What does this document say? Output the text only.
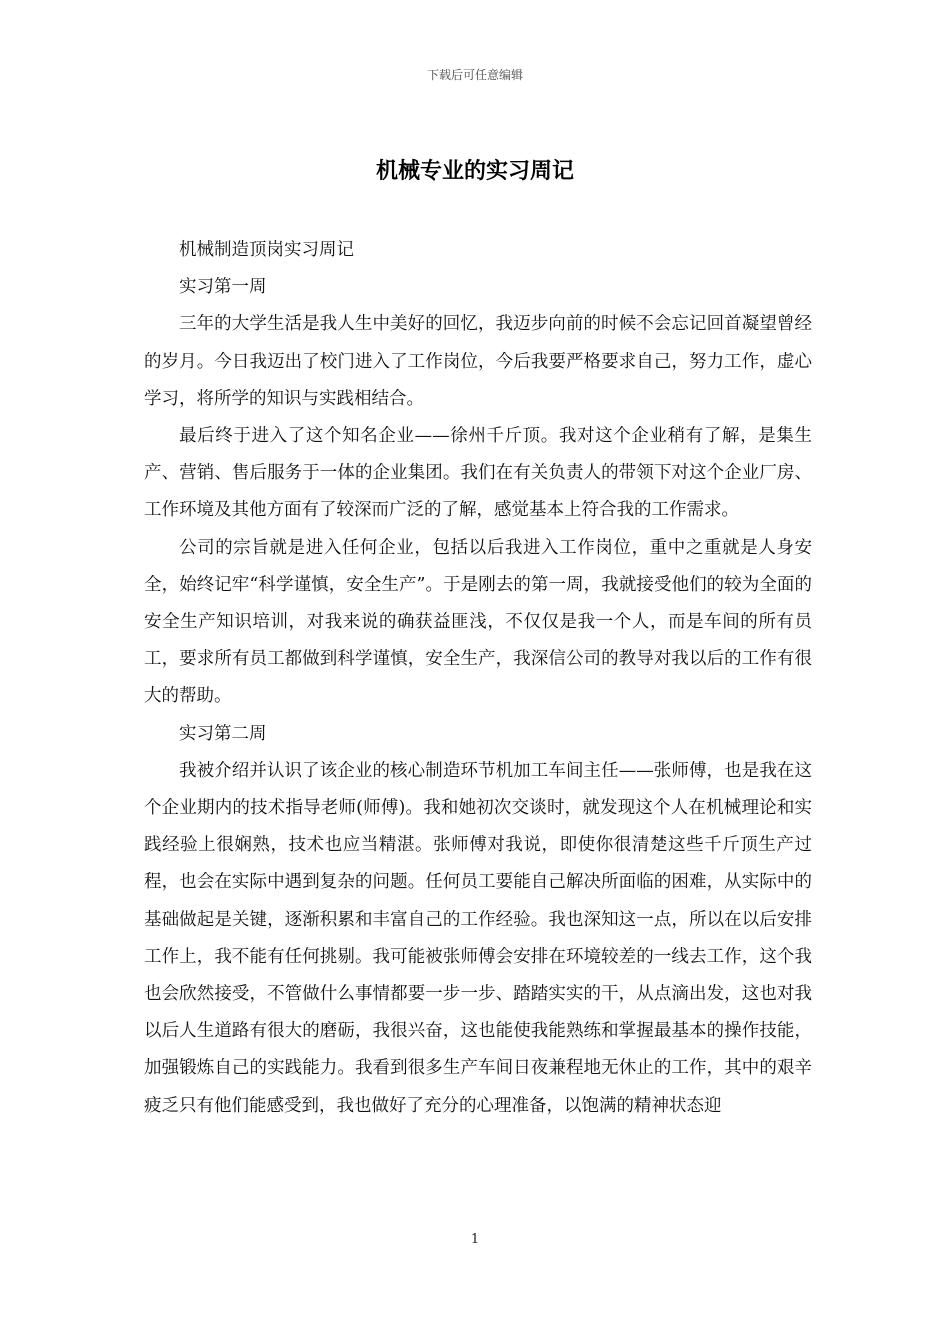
下载后可任意编辑
机械专业的实习周记

机械制造顶岗实习周记

实习第一周

三年的大学生活是我人生中美好的回忆，我迈步向前的时候不会忘记回首凝望曾经的岁月。今日我迈出了校门进入了工作岗位，今后我要严格要求自己，努力工作，虚心学习，将所学的知识与实践相结合。

最后终于进入了这个知名企业——徐州千斤顶。我对这个企业稍有了解，是集生产、营销、售后服务于一体的企业集团。我们在有关负责人的带领下对这个企业厂房、工作环境及其他方面有了较深而广泛的了解，感觉基本上符合我的工作需求。

公司的宗旨就是进入任何企业，包括以后我进入工作岗位，重中之重就是人身安全，始终记牢“科学谨慎，安全生产”。于是刚去的第一周，我就接受他们的较为全面的安全生产知识培训，对我来说的确获益匪浅，不仅仅是我一个人，而是车间的所有员工，要求所有员工都做到科学谨慎，安全生产，我深信公司的教导对我以后的工作有很大的帮助。

实习第二周

我被介绍并认识了该企业的核心制造环节机加工车间主任——张师傅，也是我在这个企业期内的技术指导老师(师傅)。我和她初次交谈时，就发现这个人在机械理论和实践经验上很娴熟，技术也应当精湛。张师傅对我说，即使你很清楚这些千斤顶生产过程，也会在实际中遇到复杂的问题。任何员工要能自己解决所面临的困难，从实际中的基础做起是关键，逐渐积累和丰富自己的工作经验。我也深知这一点，所以在以后安排工作上，我不能有任何挑剔。我可能被张师傅会安排在环境较差的一线去工作，这个我也会欣然接受，不管做什么事情都要一步一步、踏踏实实的干，从点滴出发，这也对我以后人生道路有很大的磨砺，我很兴奋，这也能使我能熟练和掌握最基本的操作技能，加强锻炼自己的实践能力。我看到很多生产车间日夜兼程地无休止的工作，其中的艰辛疲乏只有他们能感受到，我也做好了充分的心理准备，以饱满的精神状态迎

1
